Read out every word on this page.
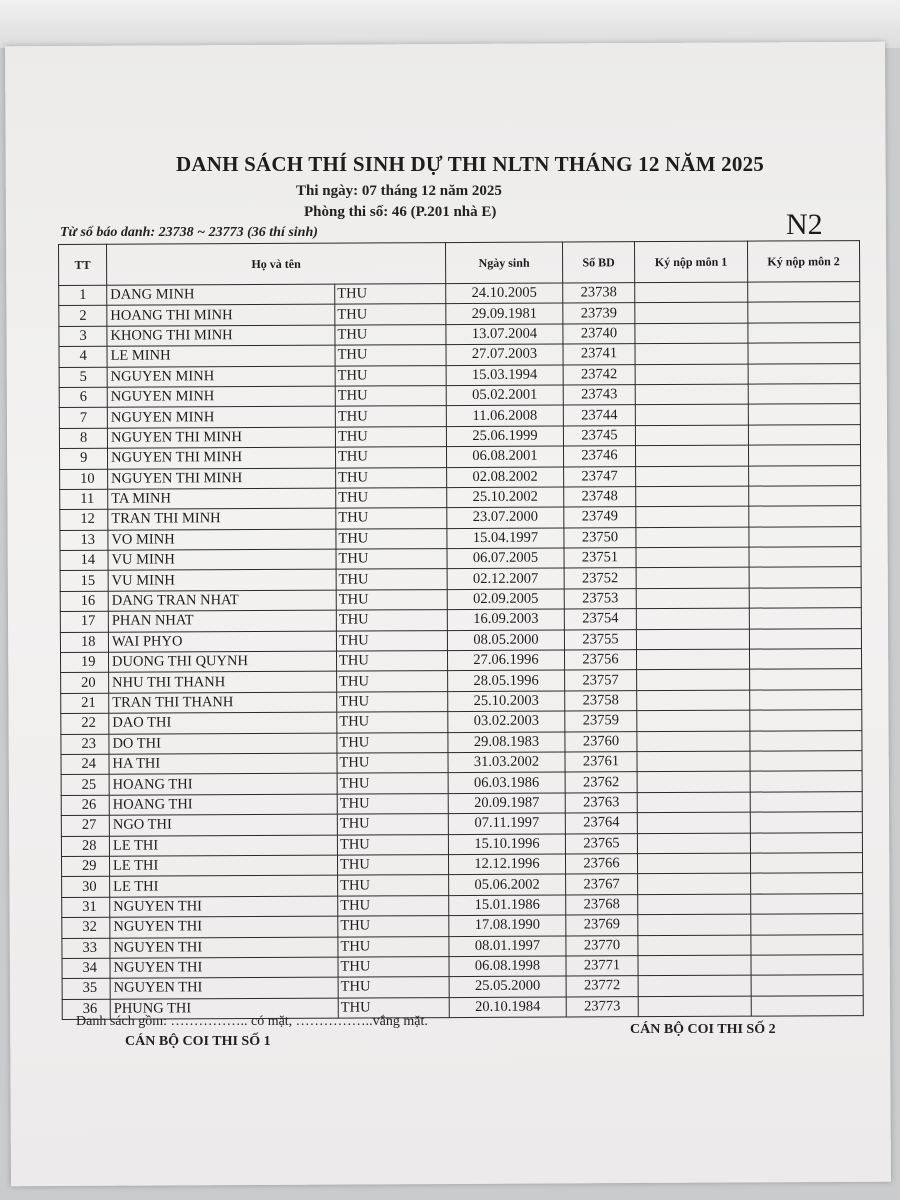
DANH SÁCH THÍ SINH DỰ THI NLTN THÁNG 12 NĂM 2025
Thi ngày: 07 tháng 12 năm 2025
Phòng thi số: 46 (P.201 nhà E)
Từ số báo danh: 23738 ~ 23773 (36 thí sinh)	N2
TT	Họ và tên		Ngày sinh	Số BD	Ký nộp môn 1	Ký nộp môn 2
1	DANG MINH	THU	24.10.2005	23738		
2	HOANG THI MINH	THU	29.09.1981	23739		
3	KHONG THI MINH	THU	13.07.2004	23740		
4	LE MINH	THU	27.07.2003	23741		
5	NGUYEN MINH	THU	15.03.1994	23742		
6	NGUYEN MINH	THU	05.02.2001	23743		
7	NGUYEN MINH	THU	11.06.2008	23744		
8	NGUYEN THI MINH	THU	25.06.1999	23745		
9	NGUYEN THI MINH	THU	06.08.2001	23746		
10	NGUYEN THI MINH	THU	02.08.2002	23747		
11	TA MINH	THU	25.10.2002	23748		
12	TRAN THI MINH	THU	23.07.2000	23749		
13	VO MINH	THU	15.04.1997	23750		
14	VU MINH	THU	06.07.2005	23751		
15	VU MINH	THU	02.12.2007	23752		
16	DANG TRAN NHAT	THU	02.09.2005	23753		
17	PHAN NHAT	THU	16.09.2003	23754		
18	WAI PHYO	THU	08.05.2000	23755		
19	DUONG THI QUYNH	THU	27.06.1996	23756		
20	NHU THI THANH	THU	28.05.1996	23757		
21	TRAN THI THANH	THU	25.10.2003	23758		
22	DAO THI	THU	03.02.2003	23759		
23	DO THI	THU	29.08.1983	23760		
24	HA THI	THU	31.03.2002	23761		
25	HOANG THI	THU	06.03.1986	23762		
26	HOANG THI	THU	20.09.1987	23763		
27	NGO THI	THU	07.11.1997	23764		
28	LE THI	THU	15.10.1996	23765		
29	LE THI	THU	12.12.1996	23766		
30	LE THI	THU	05.06.2002	23767		
31	NGUYEN THI	THU	15.01.1986	23768		
32	NGUYEN THI	THU	17.08.1990	23769		
33	NGUYEN THI	THU	08.01.1997	23770		
34	NGUYEN THI	THU	06.08.1998	23771		
35	NGUYEN THI	THU	25.05.2000	23772		
36	PHUNG THI	THU	20.10.1984	23773		
Danh sách gồm: …………….. có mặt, ……………..vắng mặt.
CÁN BỘ COI THI SỐ 1
CÁN BỘ COI THI SỐ 2
